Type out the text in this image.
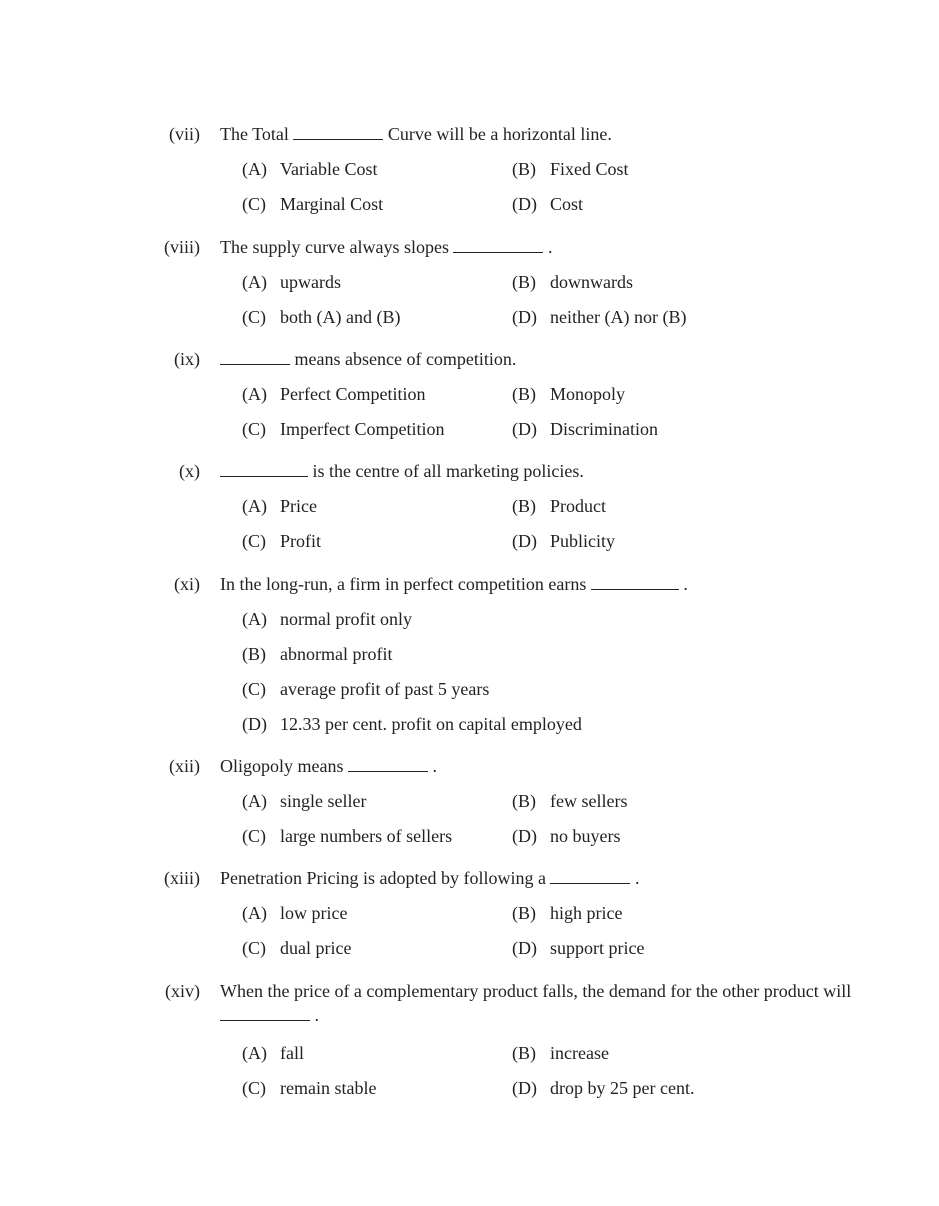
(vii) The Total	Curve will be a horizontal line.
(A) Variable Cost	(B) Fixed Cost
(C) Marginal Cost	(D) Cost
(viii) The supply curve always slopes	.
(A) upwards	(B) downwards
(C) both (A) and (B)	(D) neither (A) nor (B)
(ix)	means absence of competition.
(A) Perfect Competition	(B) Monopoly
(C) Imperfect Competition	(D) Discrimination
(x)	is the centre of all marketing policies.
(A) Price	(B) Product
(C) Profit	(D) Publicity
(xi) In the long-run, a firm in perfect competition earns	.
(A) normal profit only
(B) abnormal profit
(C) average profit of past 5 years
(D) 12.33 per cent. profit on capital employed
(xii) Oligopoly means	.
(A) single seller	(B) few sellers
(C) large numbers of sellers	(D) no buyers
(xiii) Penetration Pricing is adopted by following a	.
(A) low price	(B) high price
(C) dual price	(D) support price
(xiv) When the price of a complementary product falls, the demand for the other product will  .
(A) fall	(B) increase
(C) remain stable	(D) drop by 25 per cent.
